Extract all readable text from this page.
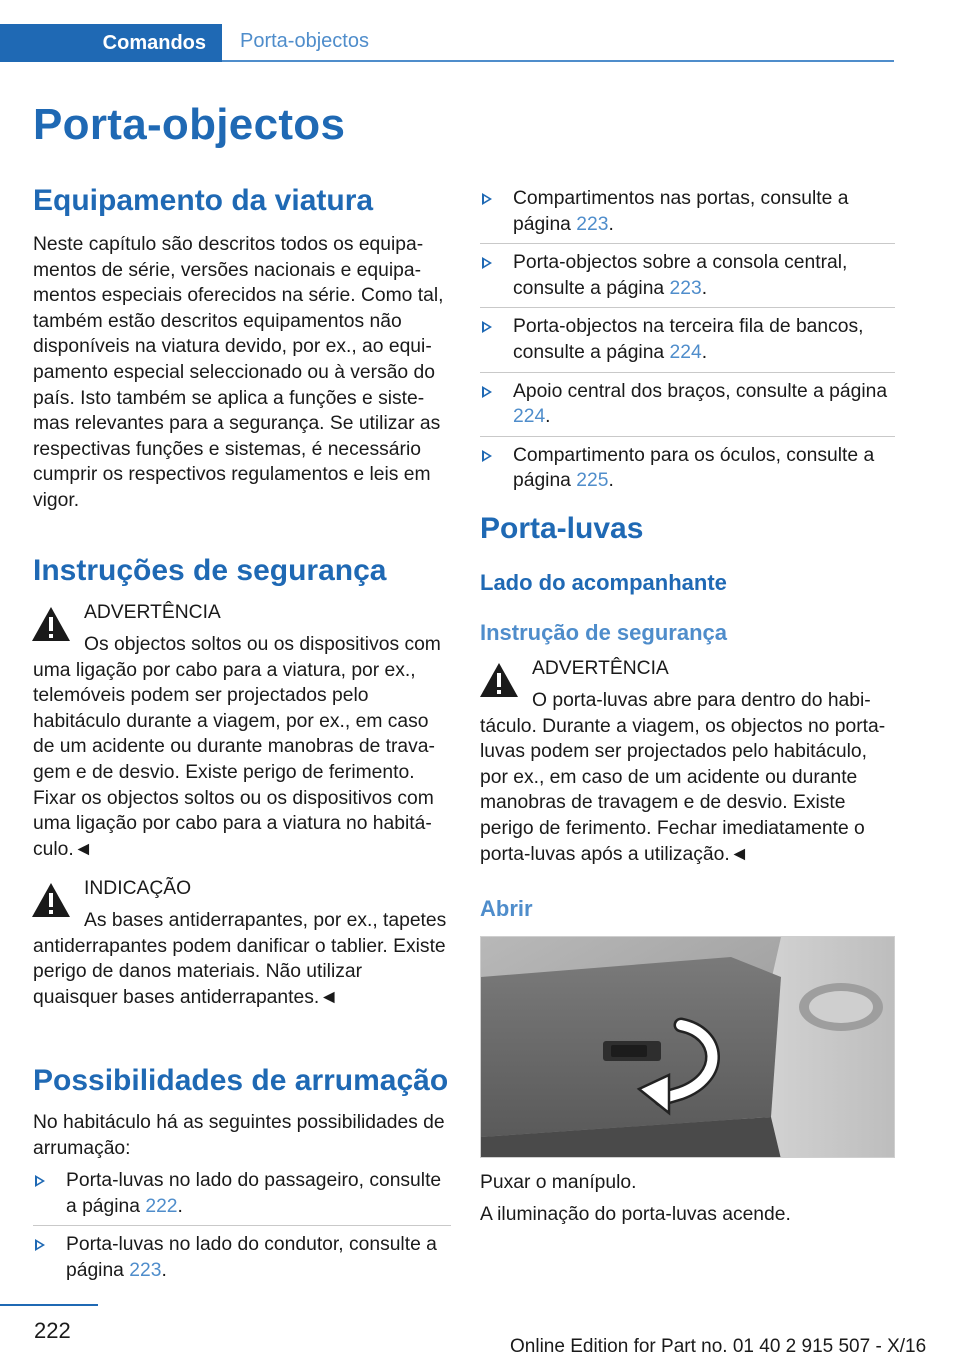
Comandos	Porta-objectos
Porta-objectos
Equipamento da viatura

Neste capítulo são descritos todos os equipamentos de série, versões nacionais e equipamentos especiais oferecidos na série. Como tal, também estão descritos equipamentos não disponíveis na viatura devido, por ex., ao equipamento especial seleccionado ou à versão do país. Isto também se aplica a funções e sistemas relevantes para a segurança. Se utilizar as respectivas funções e sistemas, é necessário cumprir os respectivos regulamentos e leis em vigor.

Instruções de segurança

ADVERTÊNCIA

Os objectos soltos ou os dispositivos com uma ligação por cabo para a viatura, por ex., telemóveis podem ser projectados pelo habitáculo durante a viagem, por ex., em caso de um acidente ou durante manobras de travagem e de desvio. Existe perigo de ferimento. Fixar os objectos soltos ou os dispositivos com uma ligação por cabo para a viatura no habitáculo.◄

INDICAÇÃO

As bases antiderrapantes, por ex., tapetes antiderrapantes podem danificar o tablier. Existe perigo de danos materiais. Não utilizar quaisquer bases antiderrapantes.◄

Possibilidades de arrumação

No habitáculo há as seguintes possibilidades de arrumação:

Porta-luvas no lado do passageiro, consulte a página 222.
Porta-luvas no lado do condutor, consulte a página 223.
Compartimentos nas portas, consulte a página 223.
Porta-objectos sobre a consola central, consulte a página 223.
Porta-objectos na terceira fila de bancos, consulte a página 224.
Apoio central dos braços, consulte a página 224.
Compartimento para os óculos, consulte a página 225.
Porta-luvas
Lado do acompanhante
Instrução de segurança

ADVERTÊNCIA

O porta-luvas abre para dentro do habitáculo. Durante a viagem, os objectos no porta-luvas podem ser projectados pelo habitáculo, por ex., em caso de um acidente ou durante manobras de travagem e de desvio. Existe perigo de ferimento. Fechar imediatamente o porta-luvas após a utilização.◄

Abrir

Puxar o manípulo.

A iluminação do porta-luvas acende.

222
Online Edition for Part no. 01 40 2 915 507 - X/16
